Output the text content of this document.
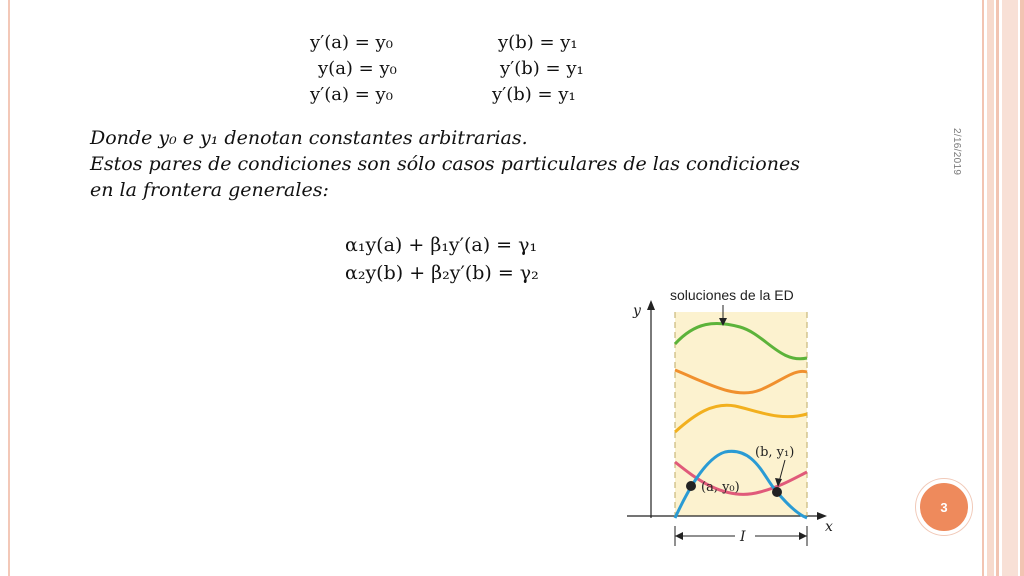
2/16/2019
3
y′(a) = y₀	y(b) = y₁
y(a) = y₀	y′(b) = y₁
y′(a) = y₀	y′(b) = y₁

Donde y₀ e y₁ denotan constantes arbitrarias.

Estos pares de condiciones son sólo casos particulares de las condiciones

en la frontera generales:

α₁y(a) + β₁y′(a) = γ₁
α₂y(b) + β₂y′(b) = γ₂
soluciones de la ED
y
x
I
(a, y₀)
(b, y₁)
